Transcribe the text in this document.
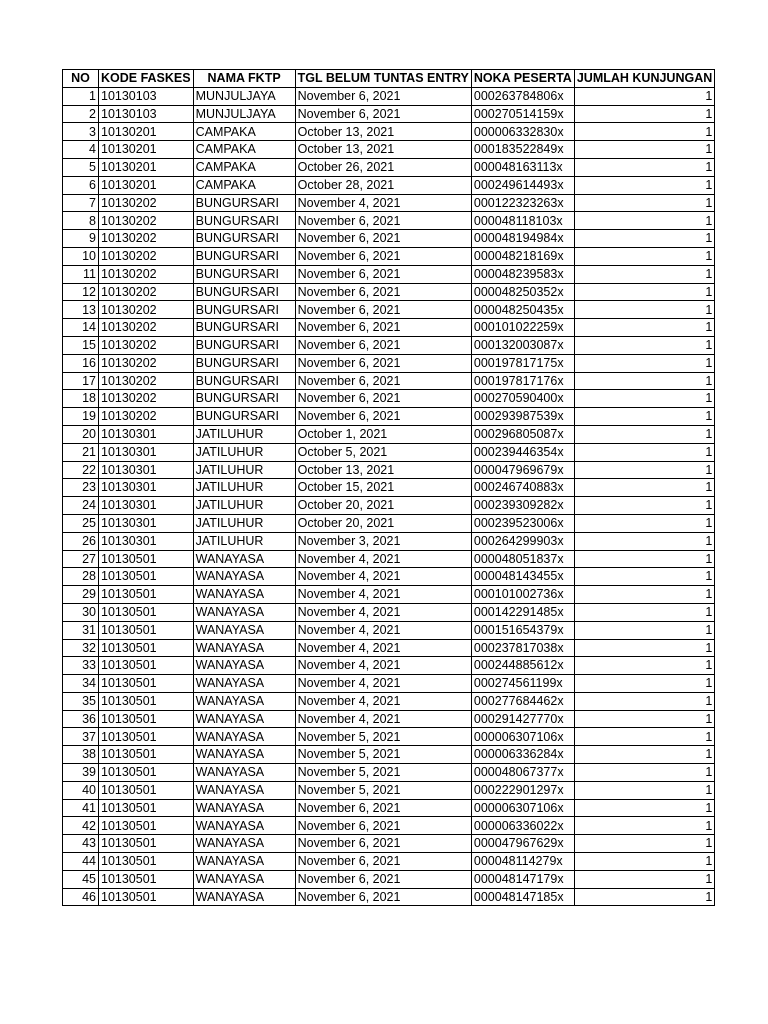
NO	KODE FASKES	NAMA FKTP	TGL BELUM TUNTAS ENTRY	NOKA PESERTA	JUMLAH KUNJUNGAN
1	10130103	MUNJULJAYA	November 6, 2021	000263784806x	1
2	10130103	MUNJULJAYA	November 6, 2021	000270514159x	1
3	10130201	CAMPAKA	October 13, 2021	000006332830x	1
4	10130201	CAMPAKA	October 13, 2021	000183522849x	1
5	10130201	CAMPAKA	October 26, 2021	000048163113x	1
6	10130201	CAMPAKA	October 28, 2021	000249614493x	1
7	10130202	BUNGURSARI	November 4, 2021	000122323263x	1
8	10130202	BUNGURSARI	November 6, 2021	000048118103x	1
9	10130202	BUNGURSARI	November 6, 2021	000048194984x	1
10	10130202	BUNGURSARI	November 6, 2021	000048218169x	1
11	10130202	BUNGURSARI	November 6, 2021	000048239583x	1
12	10130202	BUNGURSARI	November 6, 2021	000048250352x	1
13	10130202	BUNGURSARI	November 6, 2021	000048250435x	1
14	10130202	BUNGURSARI	November 6, 2021	000101022259x	1
15	10130202	BUNGURSARI	November 6, 2021	000132003087x	1
16	10130202	BUNGURSARI	November 6, 2021	000197817175x	1
17	10130202	BUNGURSARI	November 6, 2021	000197817176x	1
18	10130202	BUNGURSARI	November 6, 2021	000270590400x	1
19	10130202	BUNGURSARI	November 6, 2021	000293987539x	1
20	10130301	JATILUHUR	October 1, 2021	000296805087x	1
21	10130301	JATILUHUR	October 5, 2021	000239446354x	1
22	10130301	JATILUHUR	October 13, 2021	000047969679x	1
23	10130301	JATILUHUR	October 15, 2021	000246740883x	1
24	10130301	JATILUHUR	October 20, 2021	000239309282x	1
25	10130301	JATILUHUR	October 20, 2021	000239523006x	1
26	10130301	JATILUHUR	November 3, 2021	000264299903x	1
27	10130501	WANAYASA	November 4, 2021	000048051837x	1
28	10130501	WANAYASA	November 4, 2021	000048143455x	1
29	10130501	WANAYASA	November 4, 2021	000101002736x	1
30	10130501	WANAYASA	November 4, 2021	000142291485x	1
31	10130501	WANAYASA	November 4, 2021	000151654379x	1
32	10130501	WANAYASA	November 4, 2021	000237817038x	1
33	10130501	WANAYASA	November 4, 2021	000244885612x	1
34	10130501	WANAYASA	November 4, 2021	000274561199x	1
35	10130501	WANAYASA	November 4, 2021	000277684462x	1
36	10130501	WANAYASA	November 4, 2021	000291427770x	1
37	10130501	WANAYASA	November 5, 2021	000006307106x	1
38	10130501	WANAYASA	November 5, 2021	000006336284x	1
39	10130501	WANAYASA	November 5, 2021	000048067377x	1
40	10130501	WANAYASA	November 5, 2021	000222901297x	1
41	10130501	WANAYASA	November 6, 2021	000006307106x	1
42	10130501	WANAYASA	November 6, 2021	000006336022x	1
43	10130501	WANAYASA	November 6, 2021	000047967629x	1
44	10130501	WANAYASA	November 6, 2021	000048114279x	1
45	10130501	WANAYASA	November 6, 2021	000048147179x	1
46	10130501	WANAYASA	November 6, 2021	000048147185x	1
